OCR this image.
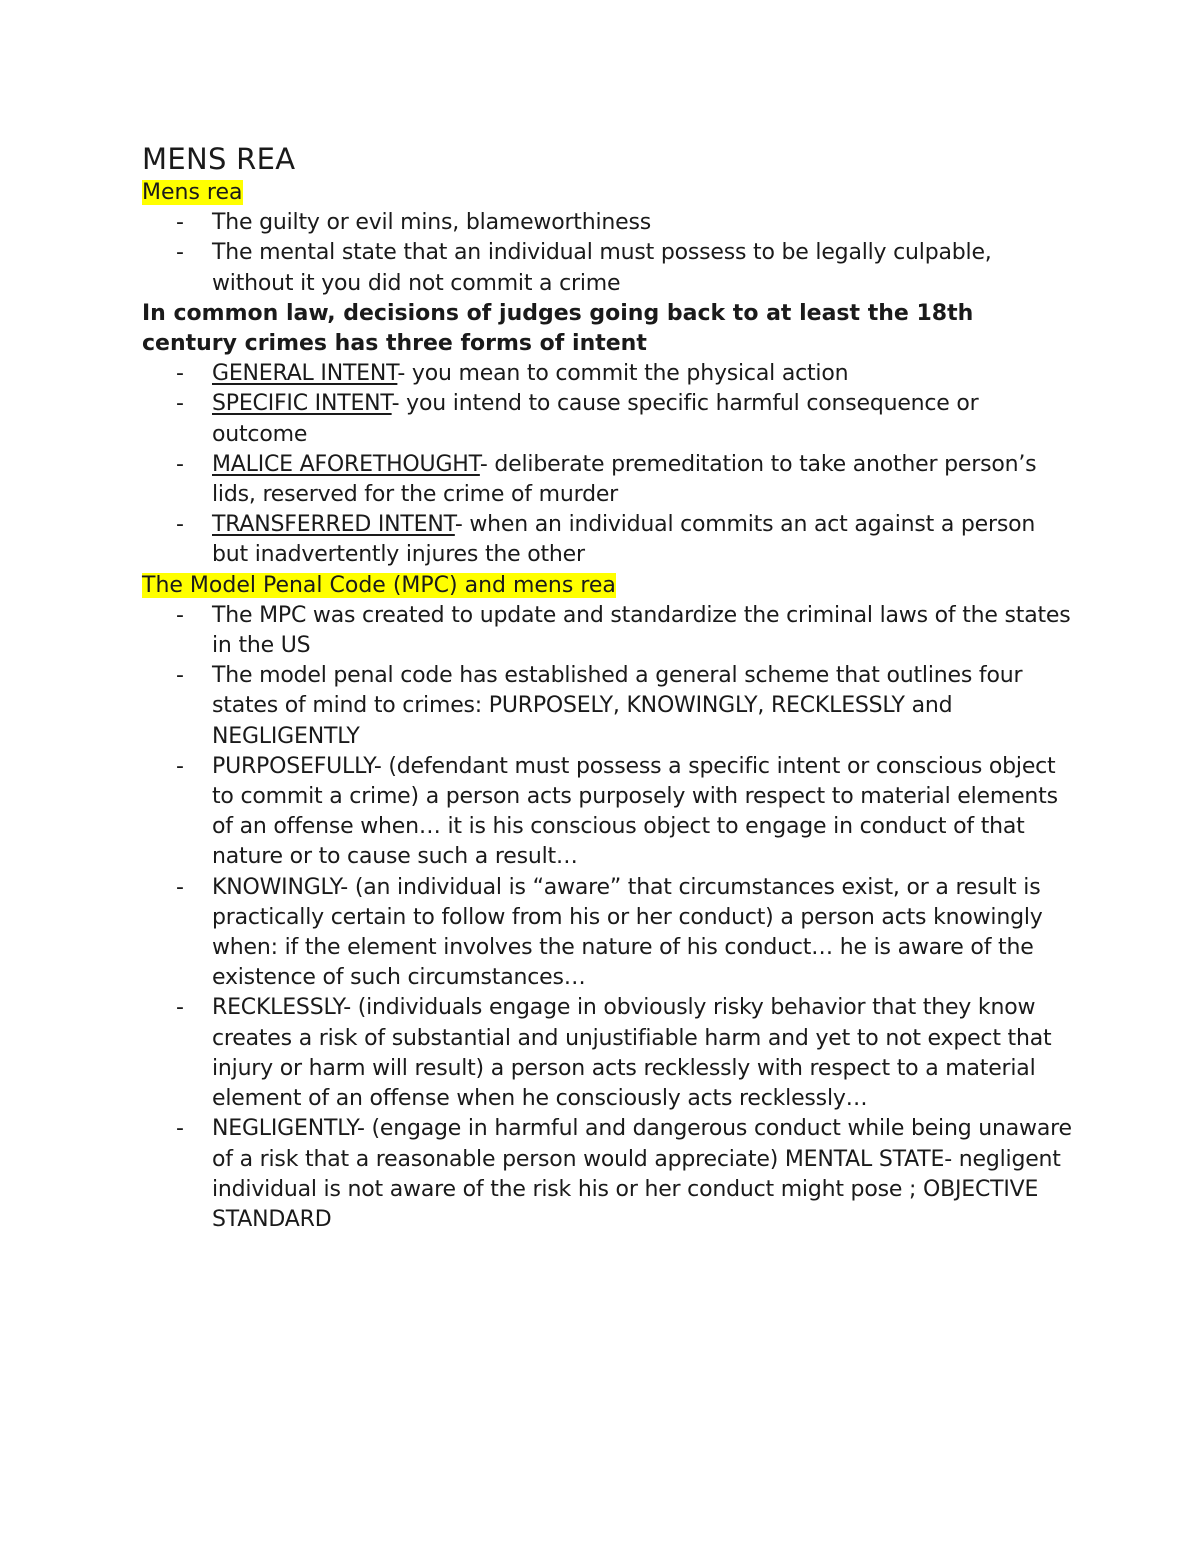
MENS REA

Mens rea

- The guilty or evil mins, blameworthiness
- The mental state that an individual must possess to be legally culpable, without it you did not commit a crime

In common law, decisions of judges going back to at least the 18th century crimes has three forms of intent

- GENERAL INTENT- you mean to commit the physical action
- SPECIFIC INTENT- you intend to cause specific harmful consequence or outcome
- MALICE AFORETHOUGHT- deliberate premeditation to take another person’s lids, reserved for the crime of murder
- TRANSFERRED INTENT- when an individual commits an act against a person but inadvertently injures the other

The Model Penal Code (MPC) and mens rea

- The MPC was created to update and standardize the criminal laws of the states in the US
- The model penal code has established a general scheme that outlines four states of mind to crimes: PURPOSELY, KNOWINGLY, RECKLESSLY and NEGLIGENTLY
- PURPOSEFULLY- (defendant must possess a specific intent or conscious object to commit a crime) a person acts purposely with respect to material elements of an offense when… it is his conscious object to engage in conduct of that nature or to cause such a result…
- KNOWINGLY- (an individual is “aware” that circumstances exist, or a result is practically certain to follow from his or her conduct) a person acts knowingly when: if the element involves the nature of his conduct… he is aware of the existence of such circumstances…
- RECKLESSLY- (individuals engage in obviously risky behavior that they know creates a risk of substantial and unjustifiable harm and yet to not expect that injury or harm will result) a person acts recklessly with respect to a material element of an offense when he consciously acts recklessly…
- NEGLIGENTLY- (engage in harmful and dangerous conduct while being unaware of a risk that a reasonable person would appreciate) MENTAL STATE- negligent individual is not aware of the risk his or her conduct might pose ; OBJECTIVE STANDARD
